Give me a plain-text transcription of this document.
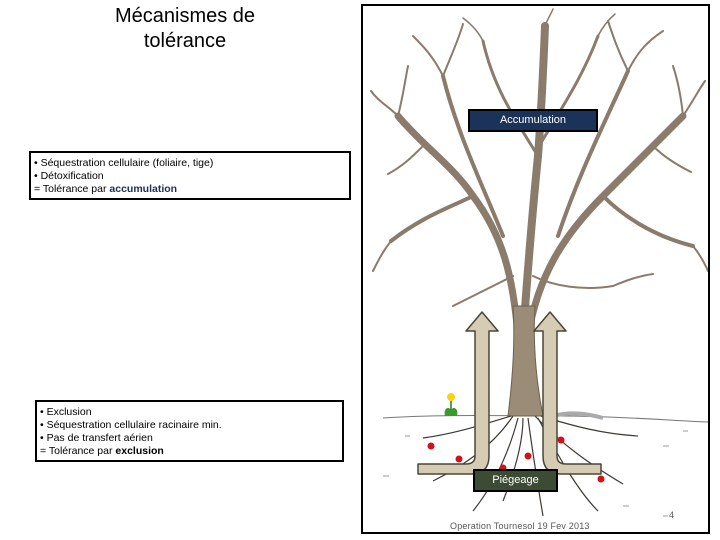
Mécanismes de tolérance
Accumulation
• Séquestration cellulaire (foliaire, tige)
• Détoxification
= Tolérance par accumulation
• Exclusion
• Séquestration cellulaire racinaire min.
• Pas de transfert aérien
= Tolérance par exclusion
Piégeage
Operation Tournesol 19 Fev 2013
4
